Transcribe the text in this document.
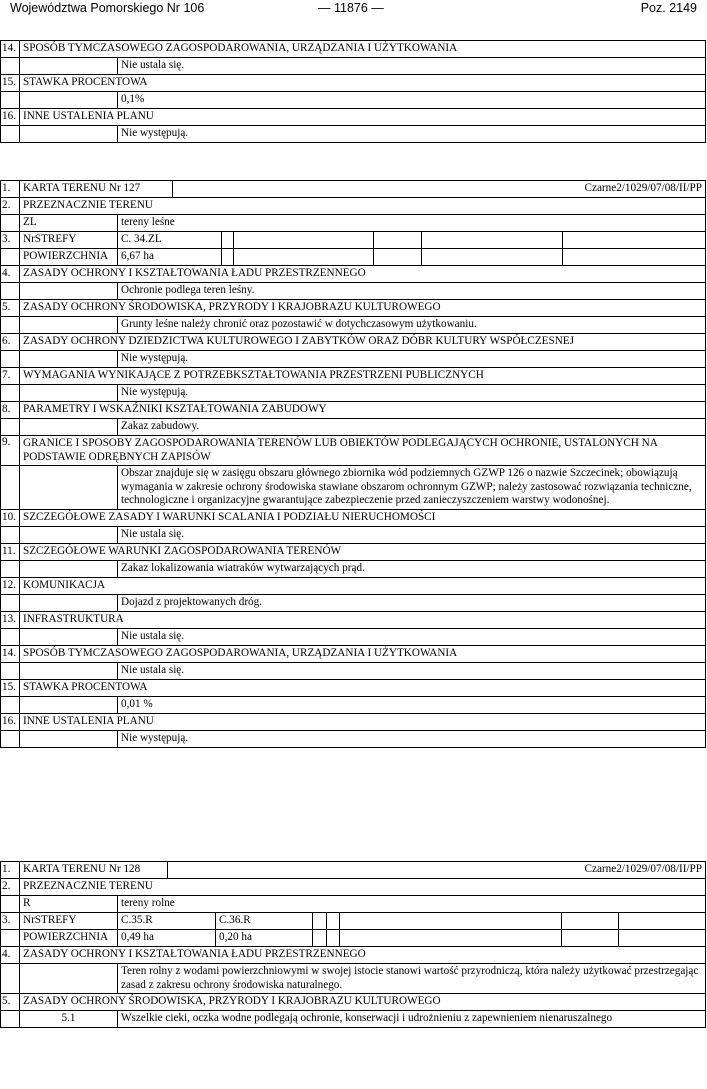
Województwa Pomorskiego Nr 106	— 11876 —	Poz. 2149
14.	SPOSÓB TYMCZASOWEGO ZAGOSPODAROWANIA, URZĄDZANIA I UŻYTKOWANIA	
		Nie ustala się.
15.	STAWKA PROCENTOWA	
		0,1%
16.	INNE USTALENIA PLANU	
		Nie występują.
1.	KARTA TERENU Nr 127		Czarne2/1029/07/08/II/PP					
2.	PRZEZNACZNIE TERENU							
	ZL	tereny leśne						
3.	NrSTREFY	C. 34.ZL						
	POWIERZCHNIA	6,67 ha						
4.	ZASADY OCHRONY I KSZTAŁTOWANIA ŁADU PRZESTRZENNEGO							
		Ochronie podlega teren leśny.						
5.	ZASADY OCHRONY ŚRODOWISKA, PRZYRODY I KRAJOBRAZU KULTUROWEGO							
		Grunty leśne należy chronić oraz pozostawić w dotychczasowym użytkowaniu.						
6.	ZASADY OCHRONY DZIEDZICTWA KULTUROWEGO I ZABYTKÓW ORAZ DÓBR KULTURY WSPÓŁCZESNEJ							
		Nie występują.						
7.	WYMAGANIA WYNIKAJĄCE Z POTRZEBKSZTAŁTOWANIA PRZESTRZENI PUBLICZNYCH							
		Nie występują.						
8.	PARAMETRY I WSKAŹNIKI KSZTAŁTOWANIA ZABUDOWY							
		Zakaz zabudowy.						
9.	GRANICE I SPOSOBY ZAGOSPODAROWANIA TERENÓW LUB OBIEKTÓW PODLEGAJĄCYCH OCHRONIE, USTALONYCH NA PODSTAWIE ODRĘBNYCH ZAPISÓW							
		Obszar znajduje się w zasięgu obszaru głównego zbiornika wód podziemnych GZWP 126 o nazwie Szczecinek; obowiązują wymagania w zakresie ochrony środowiska stawiane obszarom ochronnym GZWP; należy zastosować rozwiązania techniczne, technologiczne i organizacyjne gwarantujące zabezpieczenie przed zanieczyszczeniem warstwy wodonośnej.						
10.	SZCZEGÓŁOWE ZASADY I WARUNKI SCALANIA I PODZIAŁU NIERUCHOMOŚCI							
		Nie ustala się.						
11.	SZCZEGÓŁOWE WARUNKI ZAGOSPODAROWANIA TERENÓW							
		Zakaz lokalizowania wiatraków wytwarzających prąd.						
12.	KOMUNIKACJA							
		Dojazd z projektowanych dróg.						
13.	INFRASTRUKTURA							
		Nie ustala się.						
14.	SPOSÓB TYMCZASOWEGO ZAGOSPODAROWANIA, URZĄDZANIA I UŻYTKOWANIA							
		Nie ustala się.						
15.	STAWKA PROCENTOWA							
		0,01 %						
16.	INNE USTALENIA PLANU							
		Nie występują.						
1.	KARTA TERENU Nr 128		Czarne2/1029/07/08/II/PP						
2.	PRZEZNACZNIE TERENU								
	R	tereny rolne							
3.	NrSTREFY	C.35.R		C.36.R					
	POWIERZCHNIA	0,49 ha		0,20 ha					
4.	ZASADY OCHRONY I KSZTAŁTOWANIA ŁADU PRZESTRZENNEGO								
		Teren rolny z wodami powierzchniowymi w swojej istocie stanowi wartość przyrodniczą, która należy użytkować przestrzegając zasad z zakresu ochrony środowiska naturalnego.							
5.	ZASADY OCHRONY ŚRODOWISKA, PRZYRODY I KRAJOBRAZU KULTUROWEGO								
	5.1	Wszelkie cieki, oczka wodne podlegają ochronie, konserwacji i udrożnieniu z zapewnieniem nienaruszalnego							
